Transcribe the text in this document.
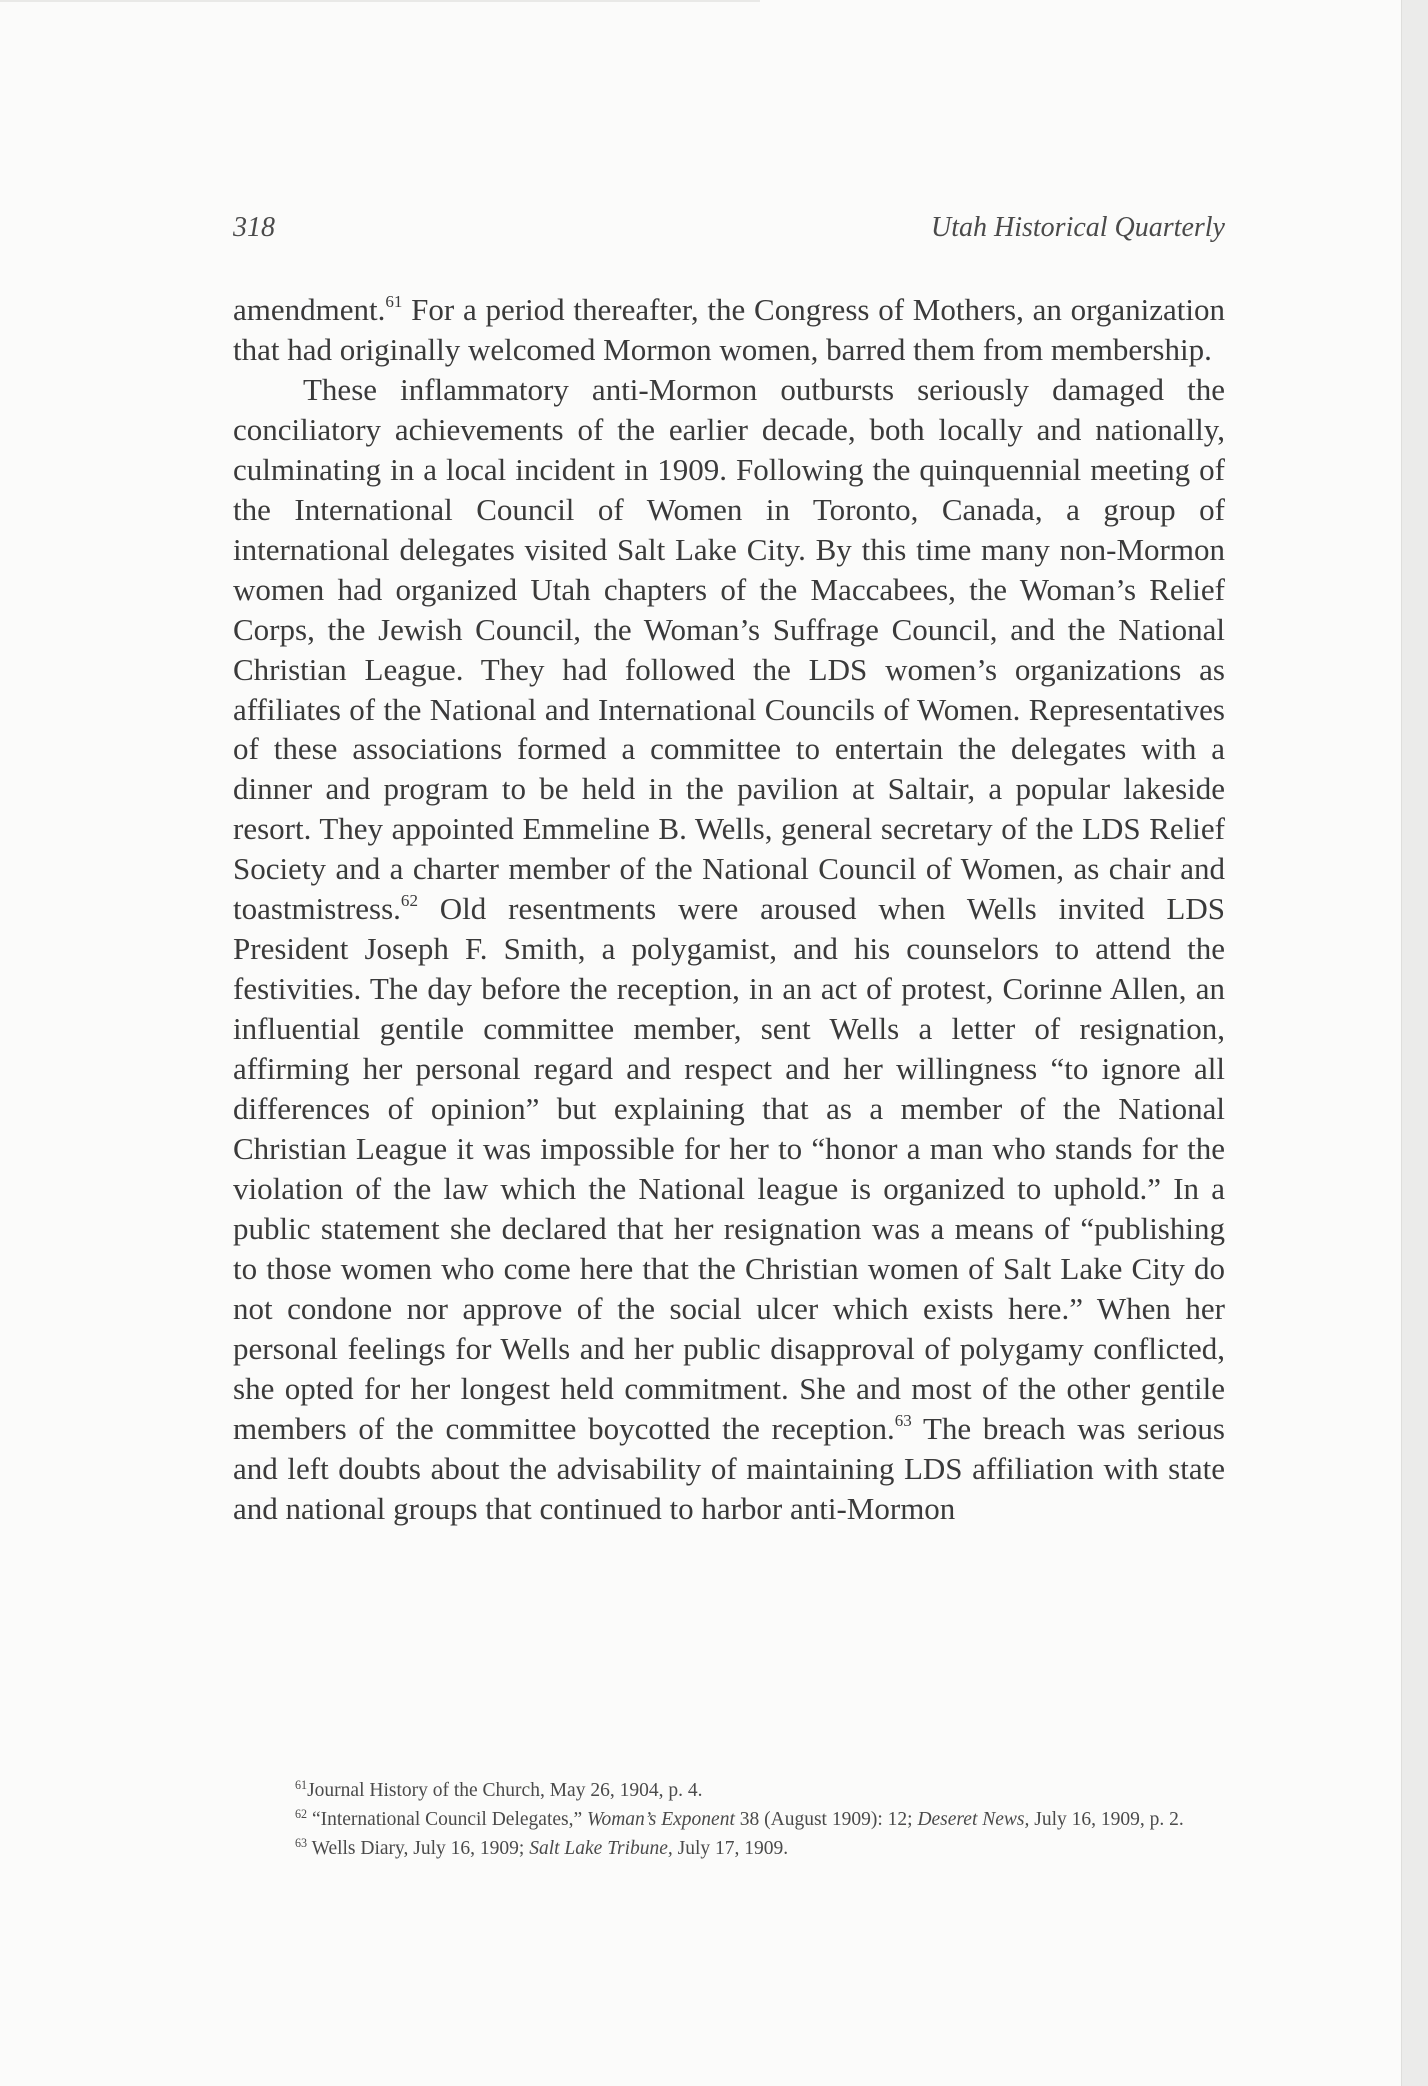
318	Utah Historical Quarterly

amendment.$^{61}$ For a period thereafter, the Congress of Mothers, an organization that had originally welcomed Mormon women, barred them from membership.

These inflammatory anti-Mormon outbursts seriously damaged the conciliatory achievements of the earlier decade, both locally and nationally, culminating in a local incident in 1909. Following the quinquennial meeting of the International Council of Women in Toronto, Canada, a group of international delegates visited Salt Lake City. By this time many non-Mormon women had organized Utah chapters of the Maccabees, the Woman’s Relief Corps, the Jewish Council, the Woman’s Suffrage Council, and the National Christian League. They had followed the LDS women’s organizations as affiliates of the National and International Councils of Women. Representatives of these associations formed a committee to entertain the delegates with a dinner and program to be held in the pavilion at Saltair, a popular lakeside resort. They appointed Emmeline B. Wells, general secretary of the LDS Relief Society and a charter member of the National Council of Women, as chair and toastmistress.$^{62}$ Old resentments were aroused when Wells invited LDS President Joseph F. Smith, a polygamist, and his counselors to attend the festivities. The day before the reception, in an act of protest, Corinne Allen, an influential gentile committee member, sent Wells a letter of resignation, affirming her personal regard and respect and her willingness “to ignore all differences of opinion” but explaining that as a member of the National Christian League it was impossible for her to “honor a man who stands for the violation of the law which the National league is organized to uphold.” In a public statement she declared that her resignation was a means of “publishing to those women who come here that the Christian women of Salt Lake City do not condone nor approve of the social ulcer which exists here.” When her personal feelings for Wells and her public disapproval of polygamy conflicted, she opted for her longest held commitment. She and most of the other gentile members of the committee boycotted the reception.$^{63}$ The breach was serious and left doubts about the advisability of maintaining LDS affiliation with state and national groups that continued to harbor anti-Mormon

$^{61}$Journal History of the Church, May 26, 1904, p. 4.

$^{62}$ “International Council Delegates,” Woman’s Exponent 38 (August 1909): 12; Deseret News, July 16, 1909, p. 2.

$^{63}$ Wells Diary, July 16, 1909; Salt Lake Tribune, July 17, 1909.
